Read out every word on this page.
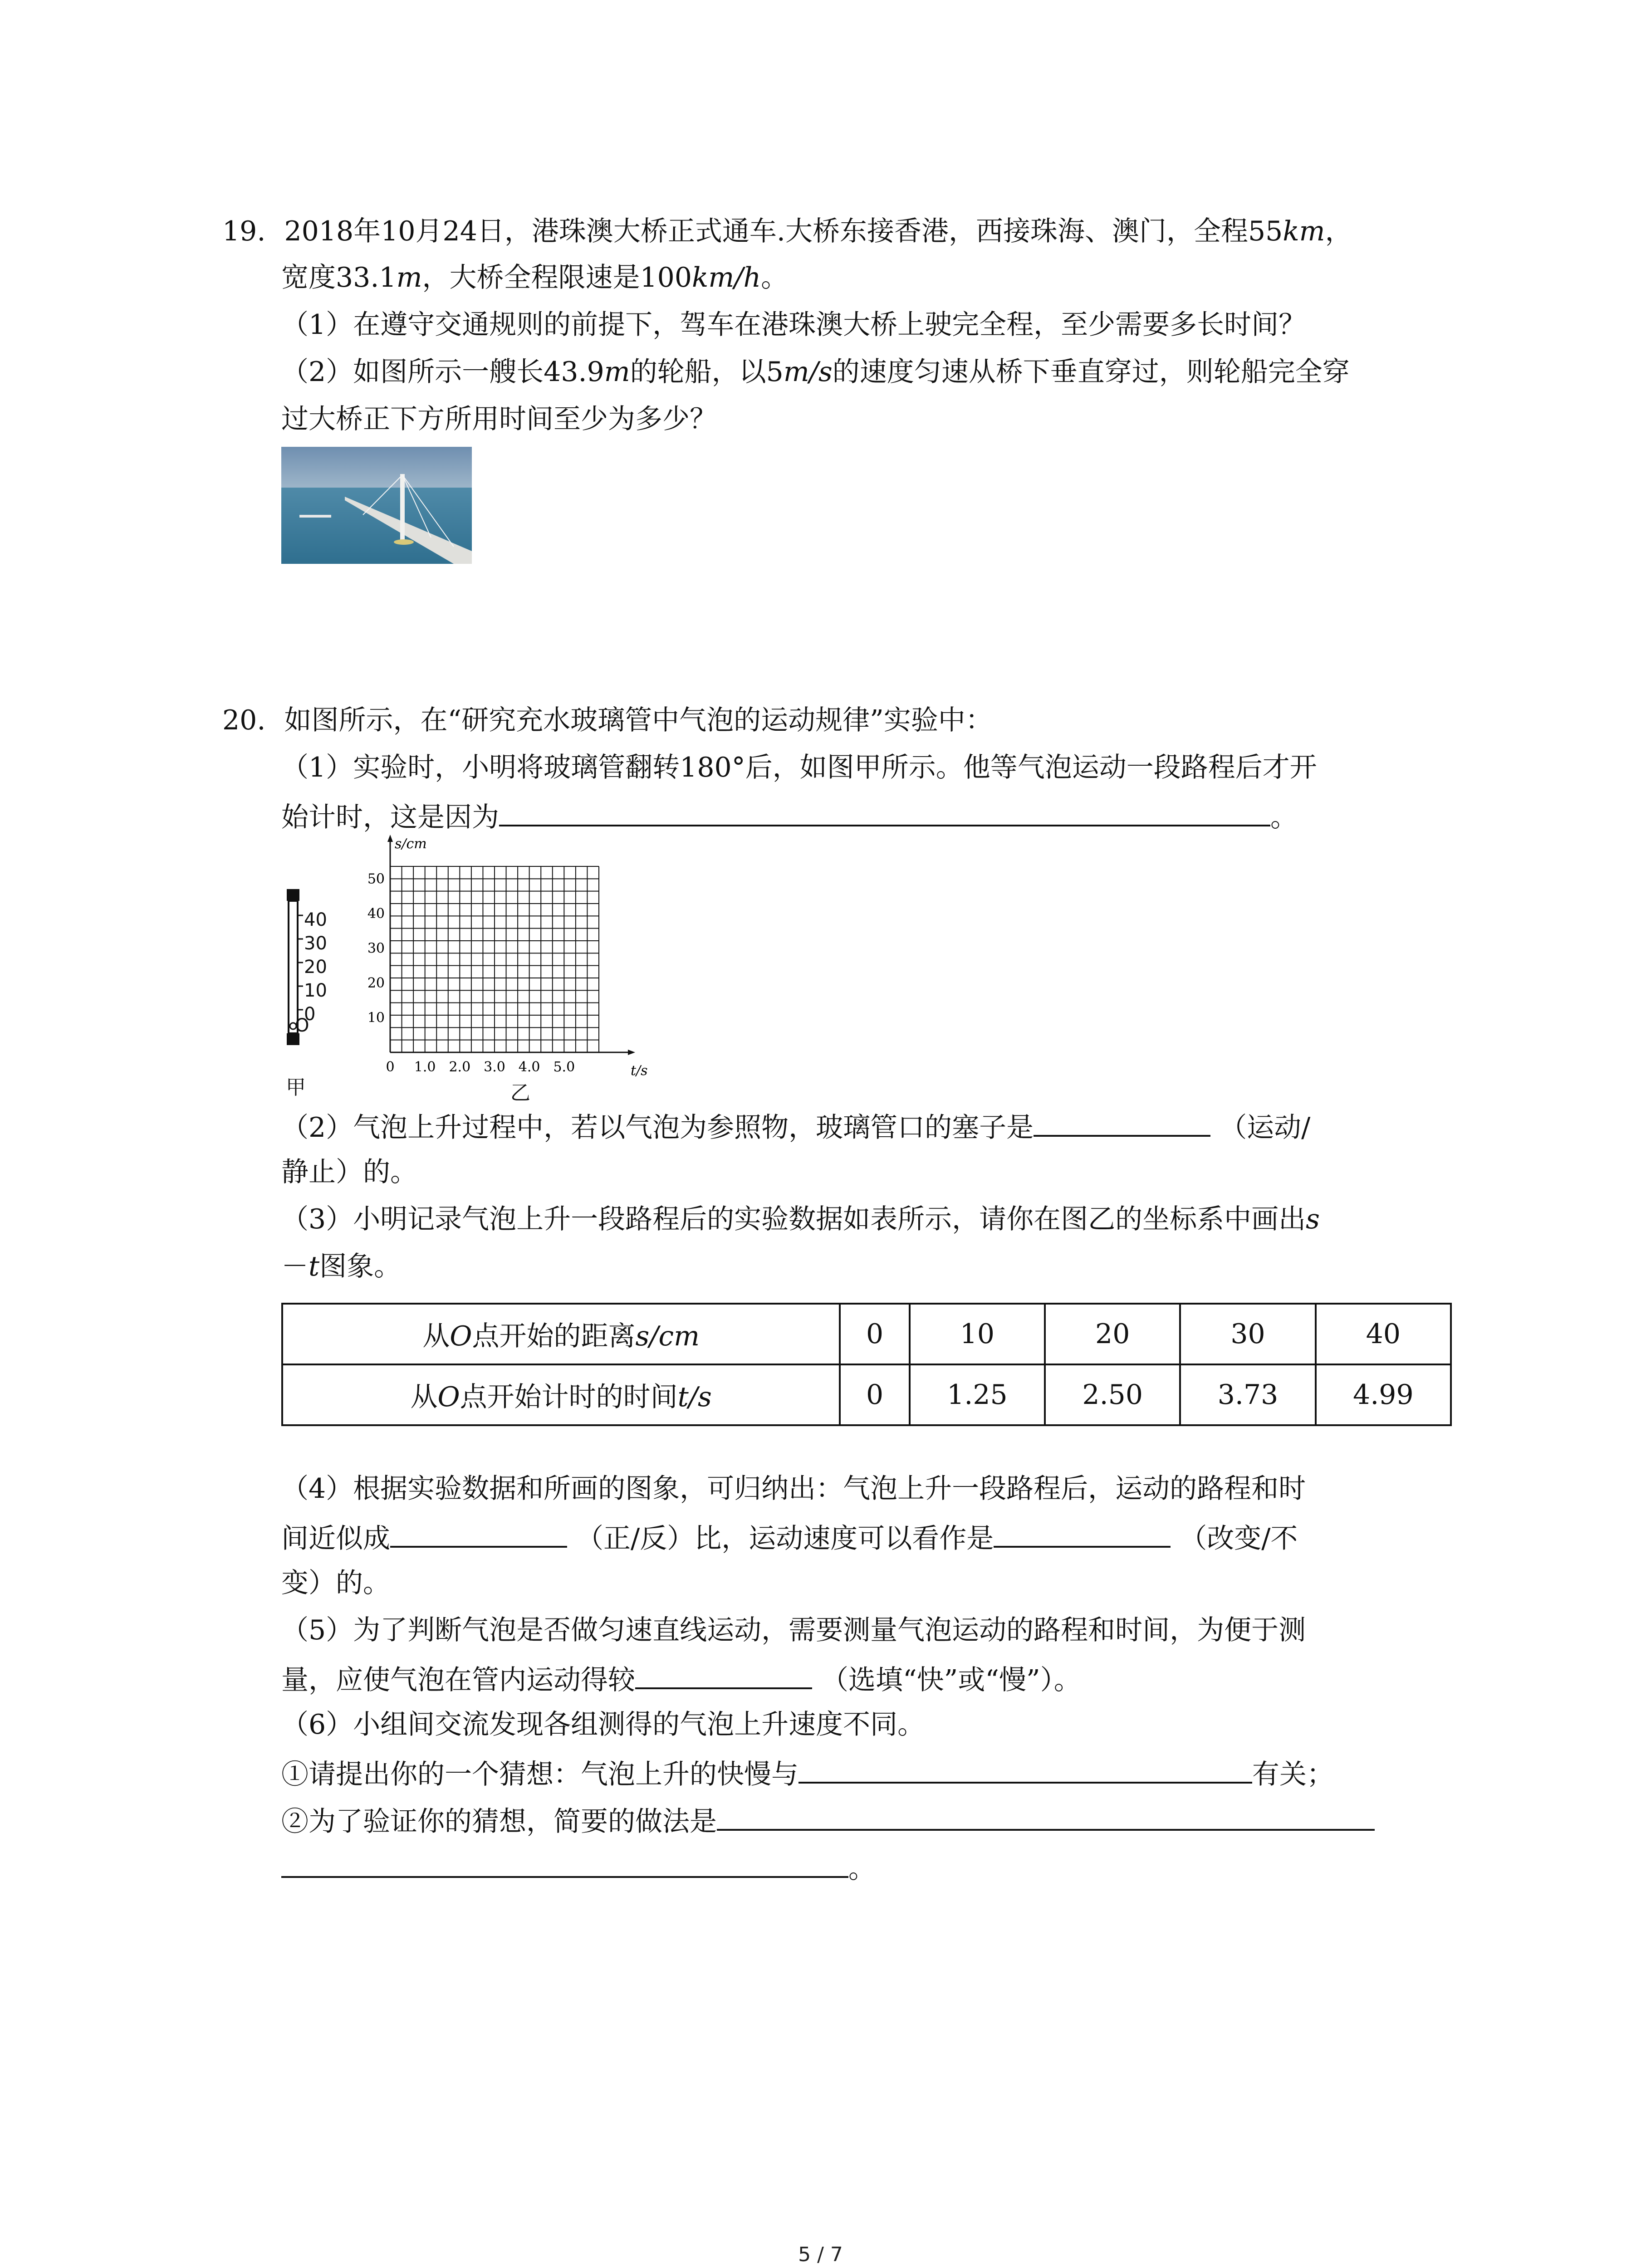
19. 2018年10月24日，港珠澳大桥正式通车.大桥东接香港，西接珠海、澳门，全程55km，
宽度33.1m，大桥全程限速是100km/h。
（1）在遵守交通规则的前提下，驾车在港珠澳大桥上驶完全程，至少需要多长时间？
（2）如图所示一艘长43.9m的轮船，以5m/s的速度匀速从桥下垂直穿过，则轮船完全穿
过大桥正下方所用时间至少为多少？
20. 如图所示，在“研究充水玻璃管中气泡的运动规律”实验中：
（1）实验时，小明将玻璃管翻转180°后，如图甲所示。他等气泡运动一段路程后才开
始计时，这是因为	。
40
30
20
10
0
O
甲
s/cm
t/s
0 1.0 2.0 3.0 4.0 5.0
10
20
30
40
50
乙
（2）气泡上升过程中，若以气泡为参照物，玻璃管口的塞子是	（运动/
静止）的。
（3）小明记录气泡上升一段路程后的实验数据如表所示，请你在图乙的坐标系中画出s
－t图象。
从O点开始的距离s/cm	0	10	20	30	40
从O点开始计时的时间t/s	0	1.25	2.50	3.73	4.99
（4）根据实验数据和所画的图象，可归纳出：气泡上升一段路程后，运动的路程和时
间近似成	（正/反）比，运动速度可以看作是	（改变/不
变）的。
（5）为了判断气泡是否做匀速直线运动，需要测量气泡运动的路程和时间，为便于测
量，应使气泡在管内运动得较	（选填“快”或“慢”）。
（6）小组间交流发现各组测得的气泡上升速度不同。
①请提出你的一个猜想：气泡上升的快慢与	有关；
②为了验证你的猜想，简要的做法是
。
5 / 7
